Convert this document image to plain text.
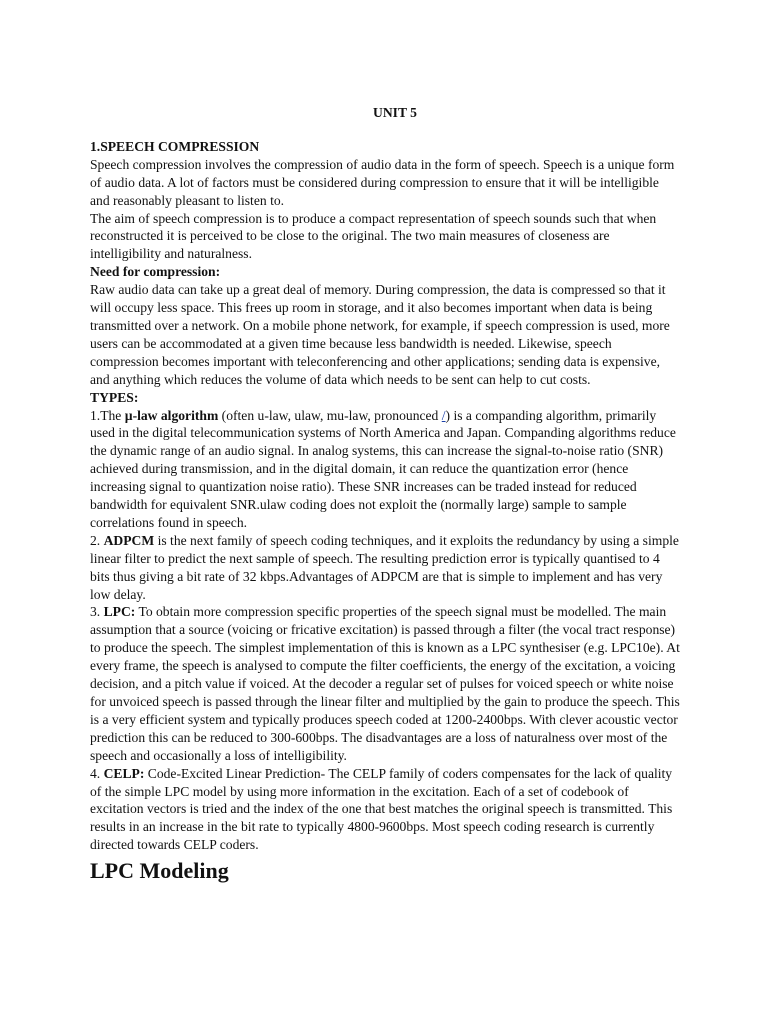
UNIT 5

1.SPEECH COMPRESSION

Speech compression involves the compression of audio data in the form of speech. Speech is a unique form of audio data. A lot of factors must be considered during compression to ensure that it will be intelligible and reasonably pleasant to listen to.

The aim of speech compression is to produce a compact representation of speech sounds such that when reconstructed it is perceived to be close to the original. The two main measures of closeness are intelligibility and naturalness.

Need for compression:

Raw audio data can take up a great deal of memory. During compression, the data is compressed so that it will occupy less space. This frees up room in storage, and it also becomes important when data is being transmitted over a network. On a mobile phone network, for example, if speech compression is used, more users can be accommodated at a given time because less bandwidth is needed. Likewise, speech compression becomes important with teleconferencing and other applications; sending data is expensive, and anything which reduces the volume of data which needs to be sent can help to cut costs.

TYPES:

1.The µ-law algorithm (often u-law, ulaw, mu-law, pronounced /) is a companding algorithm, primarily used in the digital telecommunication systems of North America and Japan. Companding algorithms reduce the dynamic range of an audio signal. In analog systems, this can increase the signal-to-noise ratio (SNR) achieved during transmission, and in the digital domain, it can reduce the quantization error (hence increasing signal to quantization noise ratio). These SNR increases can be traded instead for reduced bandwidth for equivalent SNR.ulaw coding does not exploit the (normally large) sample to sample correlations found in speech.

2. ADPCM is the next family of speech coding techniques, and it exploits the redundancy by using a simple linear filter to predict the next sample of speech. The resulting prediction error is typically quantised to 4 bits thus giving a bit rate of 32 kbps.Advantages of ADPCM are that is simple to implement and has very low delay.

3. LPC: To obtain more compression specific properties of the speech signal must be modelled. The main assumption that a source (voicing or fricative excitation) is passed through a filter (the vocal tract response) to produce the speech. The simplest implementation of this is known as a LPC synthesiser (e.g. LPC10e). At every frame, the speech is analysed to compute the filter coefficients, the energy of the excitation, a voicing decision, and a pitch value if voiced. At the decoder a regular set of pulses for voiced speech or white noise for unvoiced speech is passed through the linear filter and multiplied by the gain to produce the speech. This is a very efficient system and typically produces speech coded at 1200-2400bps. With clever acoustic vector prediction this can be reduced to 300-600bps. The disadvantages are a loss of naturalness over most of the speech and occasionally a loss of intelligibility.

4. CELP: Code-Excited Linear Prediction- The CELP family of coders compensates for the lack of quality of the simple LPC model by using more information in the excitation. Each of a set of codebook of excitation vectors is tried and the index of the one that best matches the original speech is transmitted. This results in an increase in the bit rate to typically 4800-9600bps. Most speech coding research is currently directed towards CELP coders.

LPC Modeling
